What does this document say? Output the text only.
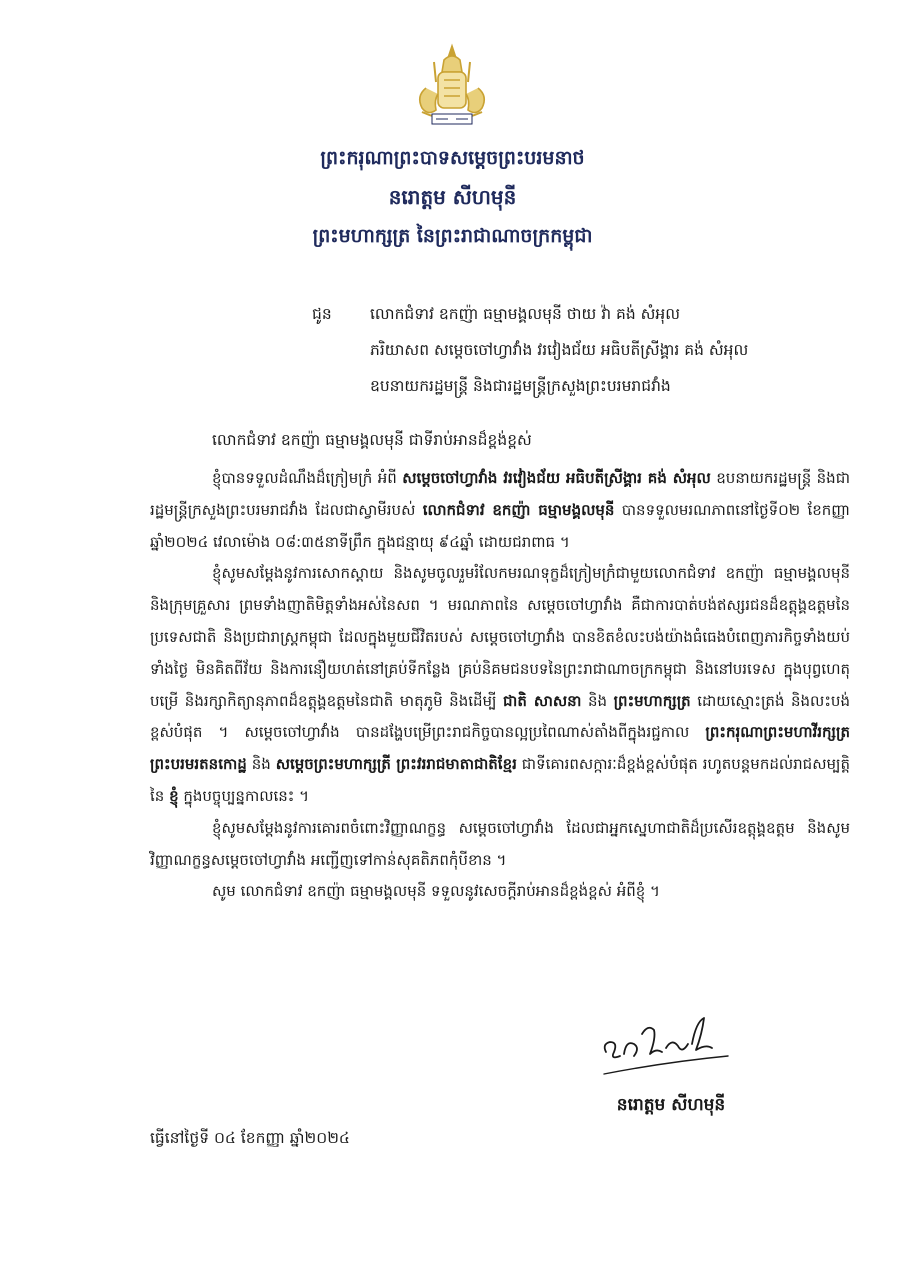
ព្រះករុណាព្រះបាទសម្តេចព្រះបរមនាថ
នរោត្តម សីហមុនី
ព្រះមហាក្សត្រ នៃព្រះរាជាណាចក្រកម្ពុជា
ជូន លោកជំទាវ ឧកញ៉ា ធម្មាមង្គលមុនី ថាយ វ៉ា គង់ សំអុល
ភរិយាសព សម្តេចចៅហ្វាវាំង វរវៀងជ័យ អធិបតីស្រីង្គារ គង់ សំអុល
ឧបនាយករដ្ឋមន្ត្រី និងជារដ្ឋមន្ត្រីក្រសួងព្រះបរមរាជវាំង
លោកជំទាវ ឧកញ៉ា ធម្មាមង្គលមុនី ជាទីរាប់អានដ៏ខ្ពង់ខ្ពស់

ខ្ញុំបានទទួលដំណឹងដ៏ក្រៀមក្រំ អំពី សម្តេចចៅហ្វាវាំង វរវៀងជ័យ អធិបតីស្រីង្គារ គង់ សំអុល ឧបនាយករដ្ឋមន្ត្រី និងជារដ្ឋមន្ត្រីក្រសួងព្រះបរមរាជវាំង ដែលជាស្វាមីរបស់ លោកជំទាវ ឧកញ៉ា ធម្មាមង្គលមុនី បានទទួលមរណភាពនៅថ្ងៃទី០២ ខែកញ្ញា ឆ្នាំ២០២៤ វេលាម៉ោង ០៨:៣៥នាទីព្រឹក ក្នុងជន្មាយុ ៩៤ឆ្នាំ ដោយជរាពាធ ។

ខ្ញុំសូមសម្តែងនូវការសោកស្តាយ និងសូមចូលរួមរំលែកមរណទុក្ខដ៏ក្រៀមក្រំជាមួយលោកជំទាវ ឧកញ៉ា ធម្មាមង្គលមុនី និងក្រុមគ្រួសារ ព្រមទាំងញាតិមិត្តទាំងអស់នៃសព ។ មរណភាពនៃ សម្តេចចៅហ្វាវាំង គឺជាការបាត់បង់ឥស្សរជនដ៏ឧត្តុង្គឧត្តមនៃប្រទេសជាតិ និងប្រជារាស្ត្រកម្ពុជា ដែលក្នុងមួយជីវិតរបស់ សម្តេចចៅហ្វាវាំង បានខិតខំលះបង់យ៉ាងធំធេងបំពេញភារកិច្ចទាំងយប់ទាំងថ្ងៃ មិនគិតពីវ័យ និងការនឿយហត់នៅគ្រប់ទីកន្លែង គ្រប់និគមជនបទនៃព្រះរាជាណាចក្រកម្ពុជា និងនៅបរទេស ក្នុងបុព្វហេតុបម្រើ និងរក្សាកិត្យានុភាពដ៏ឧត្តុង្គឧត្តមនៃជាតិ មាតុភូមិ និងដើម្បី ជាតិ សាសនា និង ព្រះមហាក្សត្រ ដោយស្មោះត្រង់ និងលះបង់ខ្ពស់បំផុត ។ សម្តេចចៅហ្វាវាំង បានដង្ហែបម្រើព្រះរាជកិច្ចបានល្អប្រពៃណាស់តាំងពីក្នុងរជ្ជកាល ព្រះករុណាព្រះមហាវីរក្សត្រ ព្រះបរមរតនកោដ្ឋ និង សម្តេចព្រះមហាក្សត្រី ព្រះវររាជមាតាជាតិខ្មែរ ជាទីគោរពសក្ការៈដ៏ខ្ពង់ខ្ពស់បំផុត រហូតបន្តមកដល់រាជសម្បត្តិនៃ ខ្ញុំ ក្នុងបច្ចុប្បន្នកាលនេះ ។

ខ្ញុំសូមសម្តែងនូវការគោរពចំពោះវិញ្ញាណក្ខន្ធ សម្តេចចៅហ្វាវាំង ដែលជាអ្នកស្នេហាជាតិដ៏ប្រសើរឧត្តុង្គឧត្តម និងសូមវិញ្ញាណក្ខន្ធសម្តេចចៅហ្វាវាំង អញ្ជើញទៅកាន់សុគតិភពកុំបីខាន ។

សូម លោកជំទាវ ឧកញ៉ា ធម្មាមង្គលមុនី ទទួលនូវសេចក្តីរាប់អានដ៏ខ្ពង់ខ្ពស់ អំពីខ្ញុំ ។

នរោត្តម សីហមុនី
ធ្វើនៅថ្ងៃទី ០៤ ខែកញ្ញា ឆ្នាំ២០២៤
